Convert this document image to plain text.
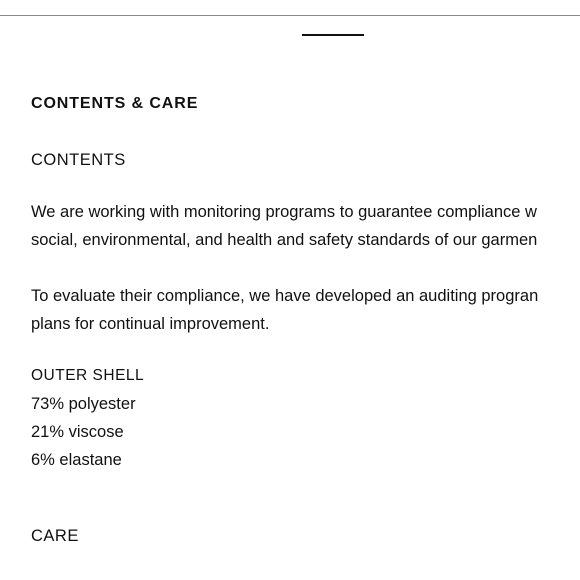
CONTENTS & CARE
CONTENTS

We are working with monitoring programs to guarantee compliance w
social, environmental, and health and safety standards of our garmen

To evaluate their compliance, we have developed an auditing progran
plans for continual improvement.

OUTER SHELL
73% polyester
21% viscose
6% elastane
CARE
